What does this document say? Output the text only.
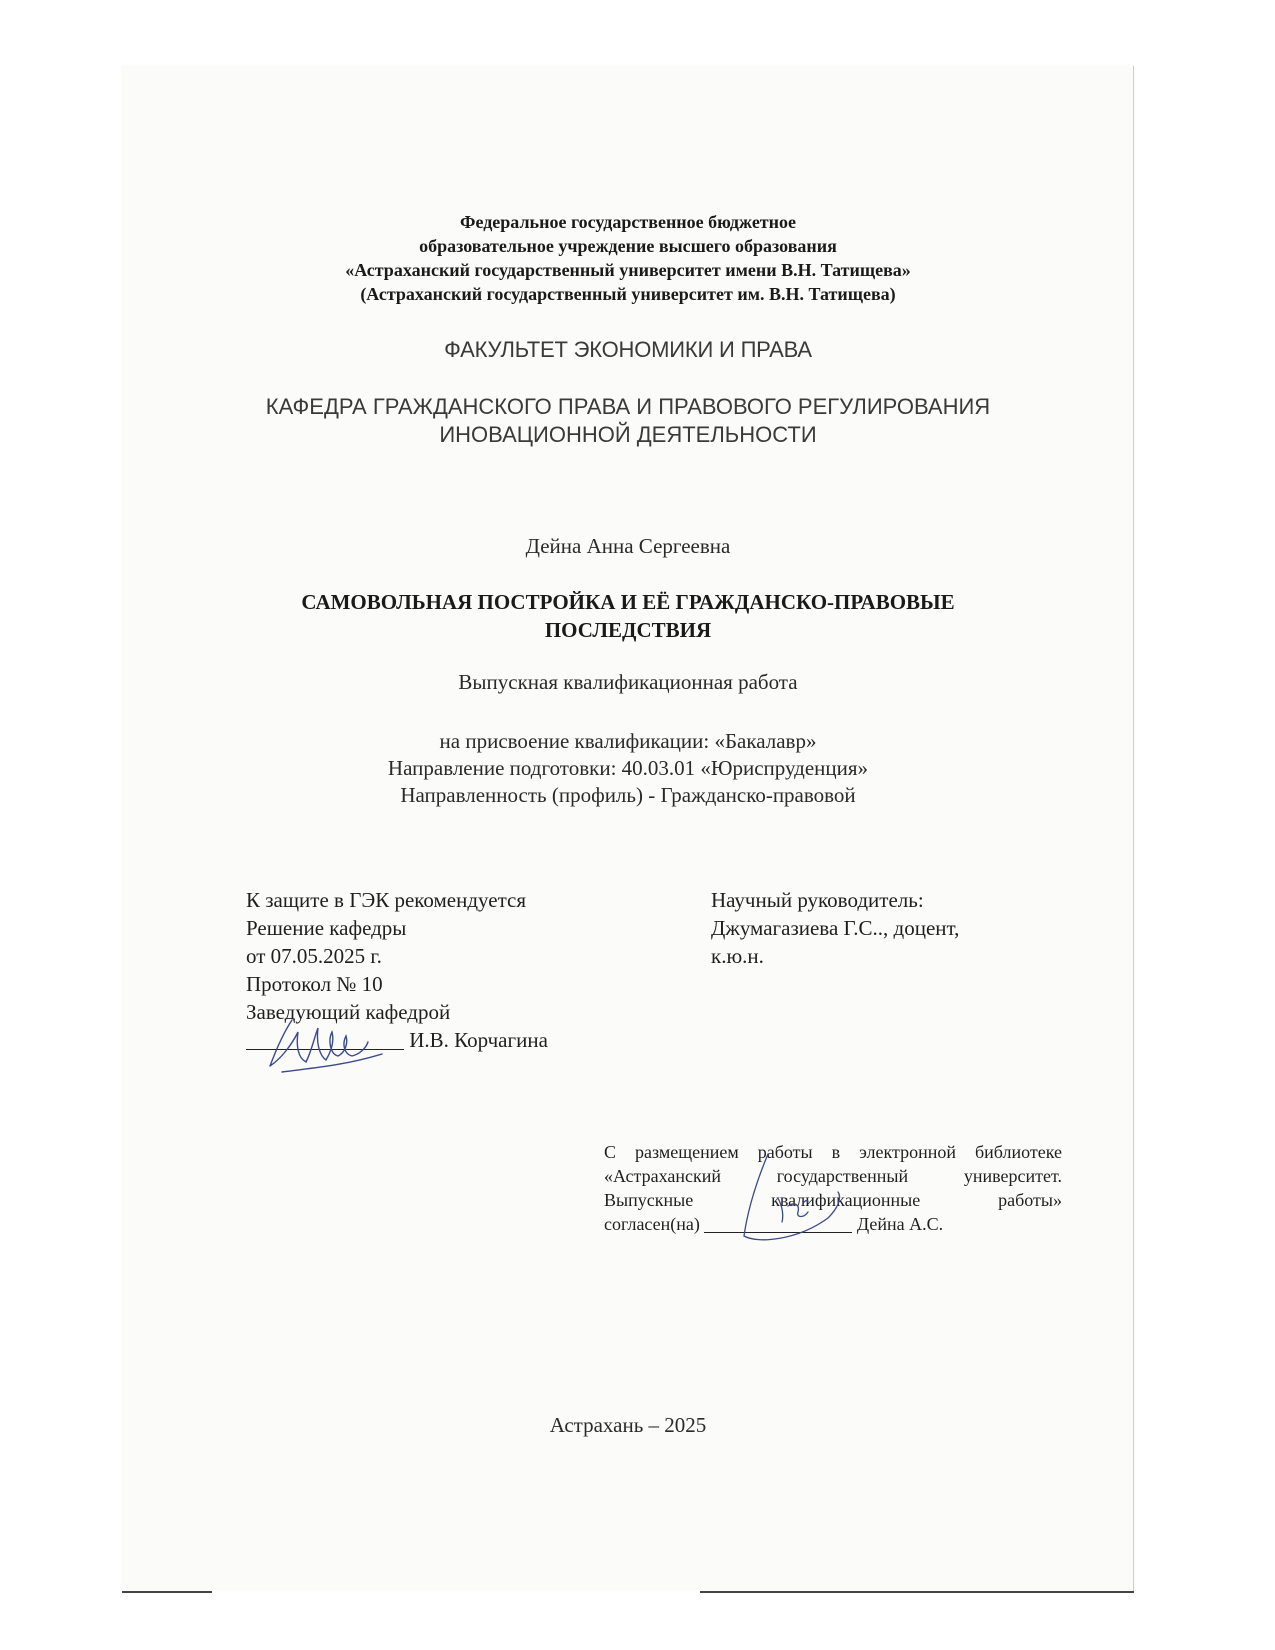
Федеральное государственное бюджетное
образовательное учреждение высшего образования
«Астраханский государственный университет имени В.Н. Татищева»
(Астраханский государственный университет им. В.Н. Татищева)
ФАКУЛЬТЕТ ЭКОНОМИКИ И ПРАВА
КАФЕДРА ГРАЖДАНСКОГО ПРАВА И ПРАВОВОГО РЕГУЛИРОВАНИЯ
ИНОВАЦИОННОЙ ДЕЯТЕЛЬНОСТИ
Дейна Анна Сергеевна
САМОВОЛЬНАЯ ПОСТРОЙКА И ЕЁ ГРАЖДАНСКО-ПРАВОВЫЕ
ПОСЛЕДСТВИЯ
Выпускная квалификационная работа
на присвоение квалификации: «Бакалавр»
Направление подготовки: 40.03.01 «Юриспруденция»
Направленность (профиль) - Гражданско-правовой
К защите в ГЭК рекомендуется
Решение кафедры
от 07.05.2025 г.
Протокол № 10
Заведующий кафедрой
И.В. Корчагина
Научный руководитель:
Джумагазиева Г.С.., доцент,
к.ю.н.
С размещением работы в электронной библиотеке
«Астраханский государственный университет.
Выпускные квалификационные работы»
согласен(на)	Дейна А.С.
Астрахань – 2025
